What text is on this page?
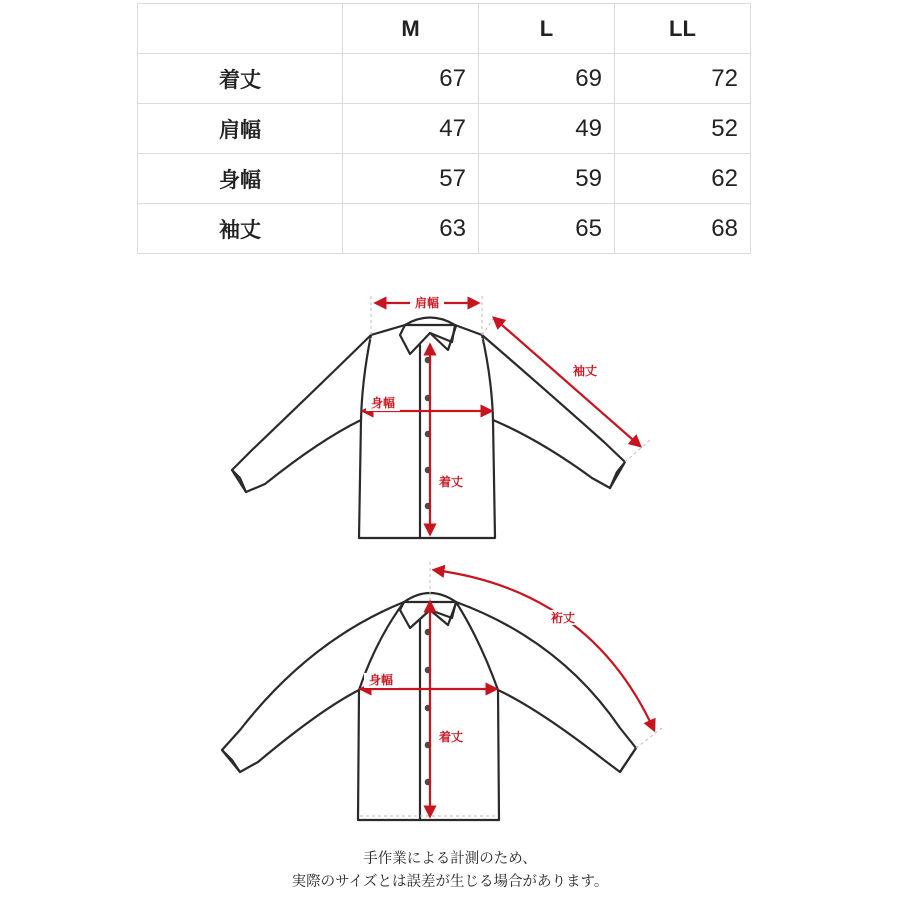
	M	L	LL
着丈	67	69	72
肩幅	47	49	52
身幅	57	59	62
袖丈	63	65	68
肩幅
袖丈
身幅
着丈
裄丈
身幅
着丈
手作業による計測のため、
実際のサイズとは誤差が生じる場合があります。
